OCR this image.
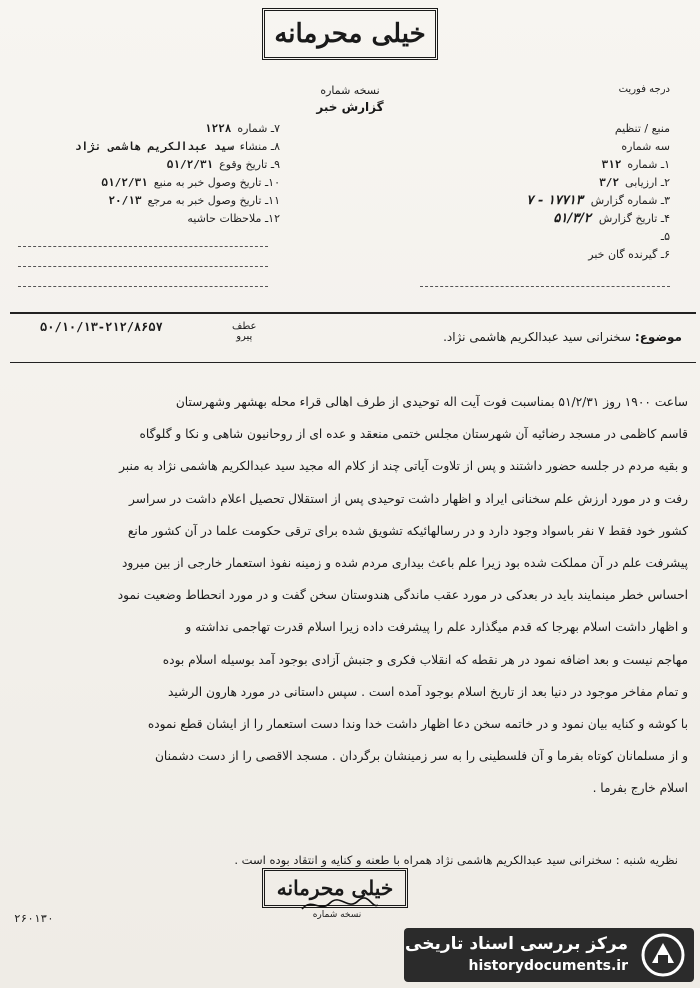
خیلی محرمانه
نسخه شماره
گزارش خبر
درجه فوریت
۷ـ شماره
۱۲۲۸
۸ـ منشاء
سید عبدالکریم هاشمی نژاد
۹ـ تاریخ وقوع
۵۱/۲/۳۱
۱۰ـ تاریخ وصول خبر به منبع
۵۱/۲/۳۱
۱۱ـ تاریخ وصول خبر به مرجع
۲۰/۱۳
۱۲ـ ملاحظات حاشیه
منبع / تنظیم
سه شماره
۱ـ شماره
۳۱۲
۲ـ ارزیابی
۳/۲
۳ـ شماره گزارش
۱۷۷۱۳ - ۷
۴ـ تاریخ گزارش
۵۱/۳/۲
۵ـ
۶ـ گیرنده گان خبر
۵۰/۱۰/۱۳-۲۱۲/۸۶۵۷	عطف
پیرو	موضوع: سخنرانی سید عبدالکریم هاشمی نژاد.

ساعت ۱۹۰۰ روز ۵۱/۲/۳۱ بمناسبت فوت آیت اله توحیدی از طرف اهالی قراء محله بهشهر وشهرستان

قاسم کاظمی در مسجد رضائیه آن شهرستان مجلس ختمی منعقد و عده ای از روحانیون شاهی و نکا و گلوگاه

و بقیه مردم در جلسه حضور داشتند و پس از تلاوت آیاتی چند از کلام اله مجید سید عبدالکریم هاشمی نژاد به منبر

رفت و در مورد ارزش علم سخنانی ایراد و اظهار داشت توحیدی پس از استقلال تحصیل اعلام داشت در سراسر

کشور خود فقط ۷ نفر باسواد وجود دارد و در رسالهائیکه تشویق شده برای ترقی حکومت علما در آن کشور مانع

پیشرفت علم در آن مملکت شده بود زیرا علم باعث بیداری مردم شده و زمینه نفوذ استعمار خارجی از بین میرود

احساس خطر مینمایند باید در بعدکی در مورد عقب ماندگی هندوستان سخن گفت و در مورد انحطاط وضعیت نمود

و اظهار داشت اسلام بهرجا که قدم میگذارد علم را پیشرفت داده زیرا اسلام قدرت تهاجمی نداشته و

مهاجم نیست و بعد اضافه نمود در هر نقطه که انقلاب فکری و جنبش آزادی بوجود آمد بوسیله اسلام بوده

و تمام مفاخر موجود در دنیا بعد از تاریخ اسلام بوجود آمده است . سپس داستانی در مورد هارون الرشید

با کوشه و کنایه بیان نمود و در خاتمه سخن دعا اظهار داشت خدا وندا دست استعمار را از ایشان قطع نموده

و از مسلمانان کوتاه بفرما و آن فلسطینی را به سر زمینشان برگردان . مسجد الاقصی را از دست دشمنان

اسلام خارج بفرما .

نظریه شنبه : سخنرانی سید عبدالکریم هاشمی نژاد همراه با طعنه و کنایه و انتقاد بوده است .
خیلی محرمانه
نسخه شماره
۲۶۰۱۳۰
مرکز بررسی اسناد تاریخی
historydocuments.ir
